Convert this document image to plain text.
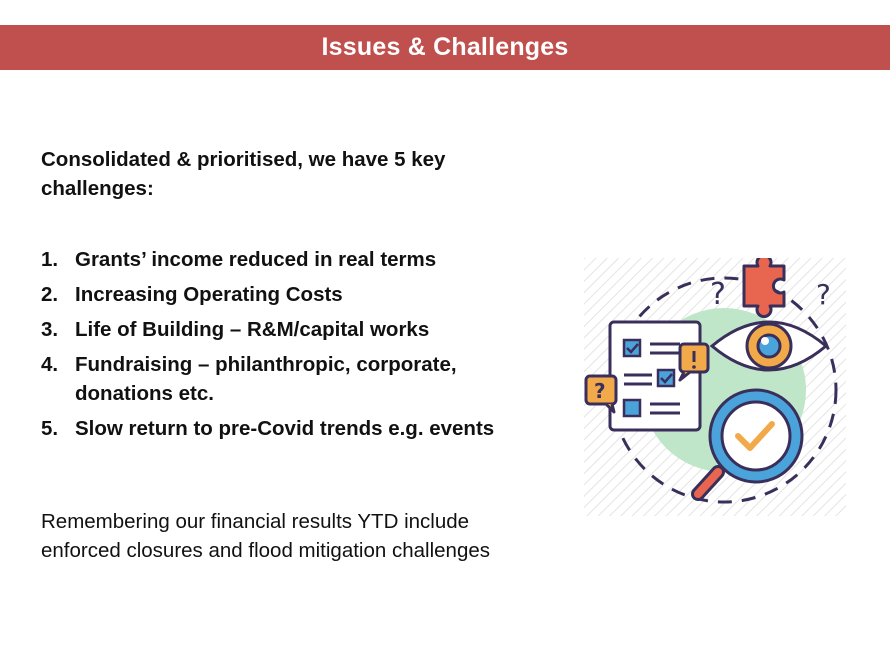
Issues & Challenges
Consolidated & prioritised, we have 5 key challenges:
1. Grants’ income reduced in real terms
2. Increasing Operating Costs
3. Life of Building – R&M/capital works
4. Fundraising – philanthropic, corporate, donations etc.
5. Slow return to pre-Covid trends e.g. events
Remembering our financial results YTD include enforced closures and flood mitigation challenges
?	?
?
